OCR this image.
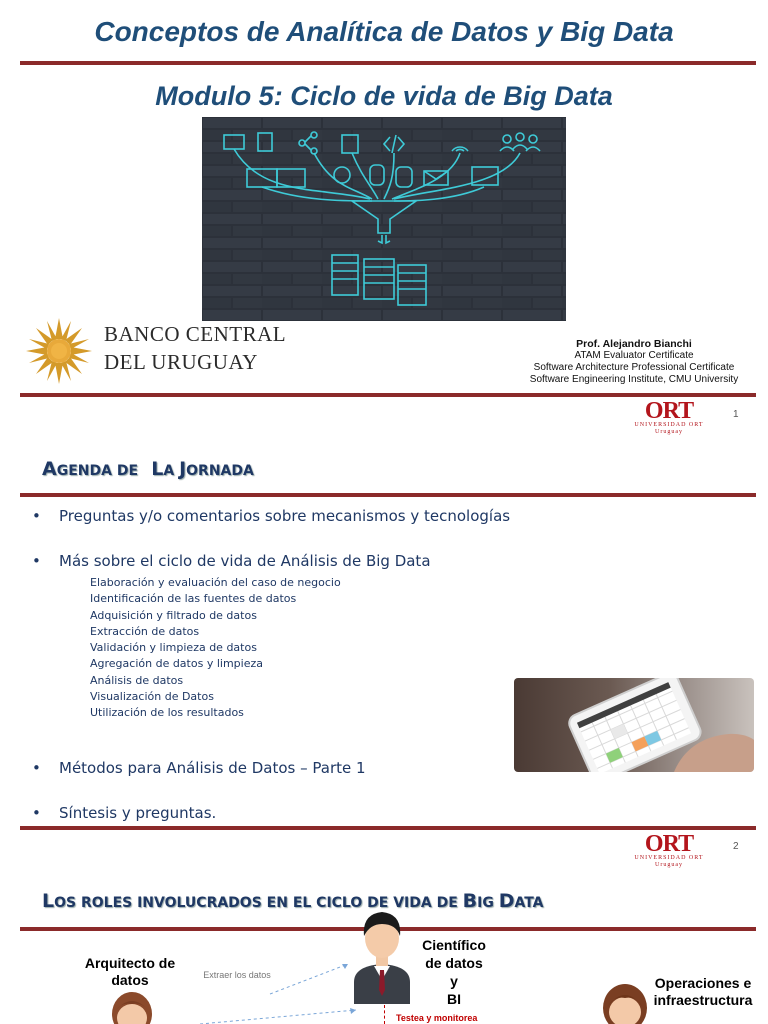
Conceptos de Analítica de Datos y Big Data
Modulo 5: Ciclo de vida de Big Data
BANCO CENTRAL
DEL URUGUAY
Prof. Alejandro Bianchi
ATAM Evaluator Certificate
Software Architecture Professional Certificate
Software Engineering Institute, CMU University
ORT
UNIVERSIDAD ORT
Uruguay
1
AGENDA DE LA JORNADA
• Preguntas y/o comentarios sobre mecanismos y tecnologías
• Más sobre el ciclo de vida de Análisis de Big Data
Elaboración y evaluación del caso de negocio
Identificación de las fuentes de datos
Adquisición y filtrado de datos
Extracción de datos
Validación y limpieza de datos
Agregación de datos y limpieza
Análisis de datos
Visualización de Datos
Utilización de los resultados
• Métodos para Análisis de Datos – Parte 1
• Síntesis y preguntas.
ORT
UNIVERSIDAD ORT
Uruguay
2
LOS ROLES INVOLUCRADOS EN EL CICLO DE VIDA DE BIG DATA
Arquitecto de datos	Extraer los datos
Científico
de datos
y
BI
Testea y monitorea
Operaciones e infraestructura
